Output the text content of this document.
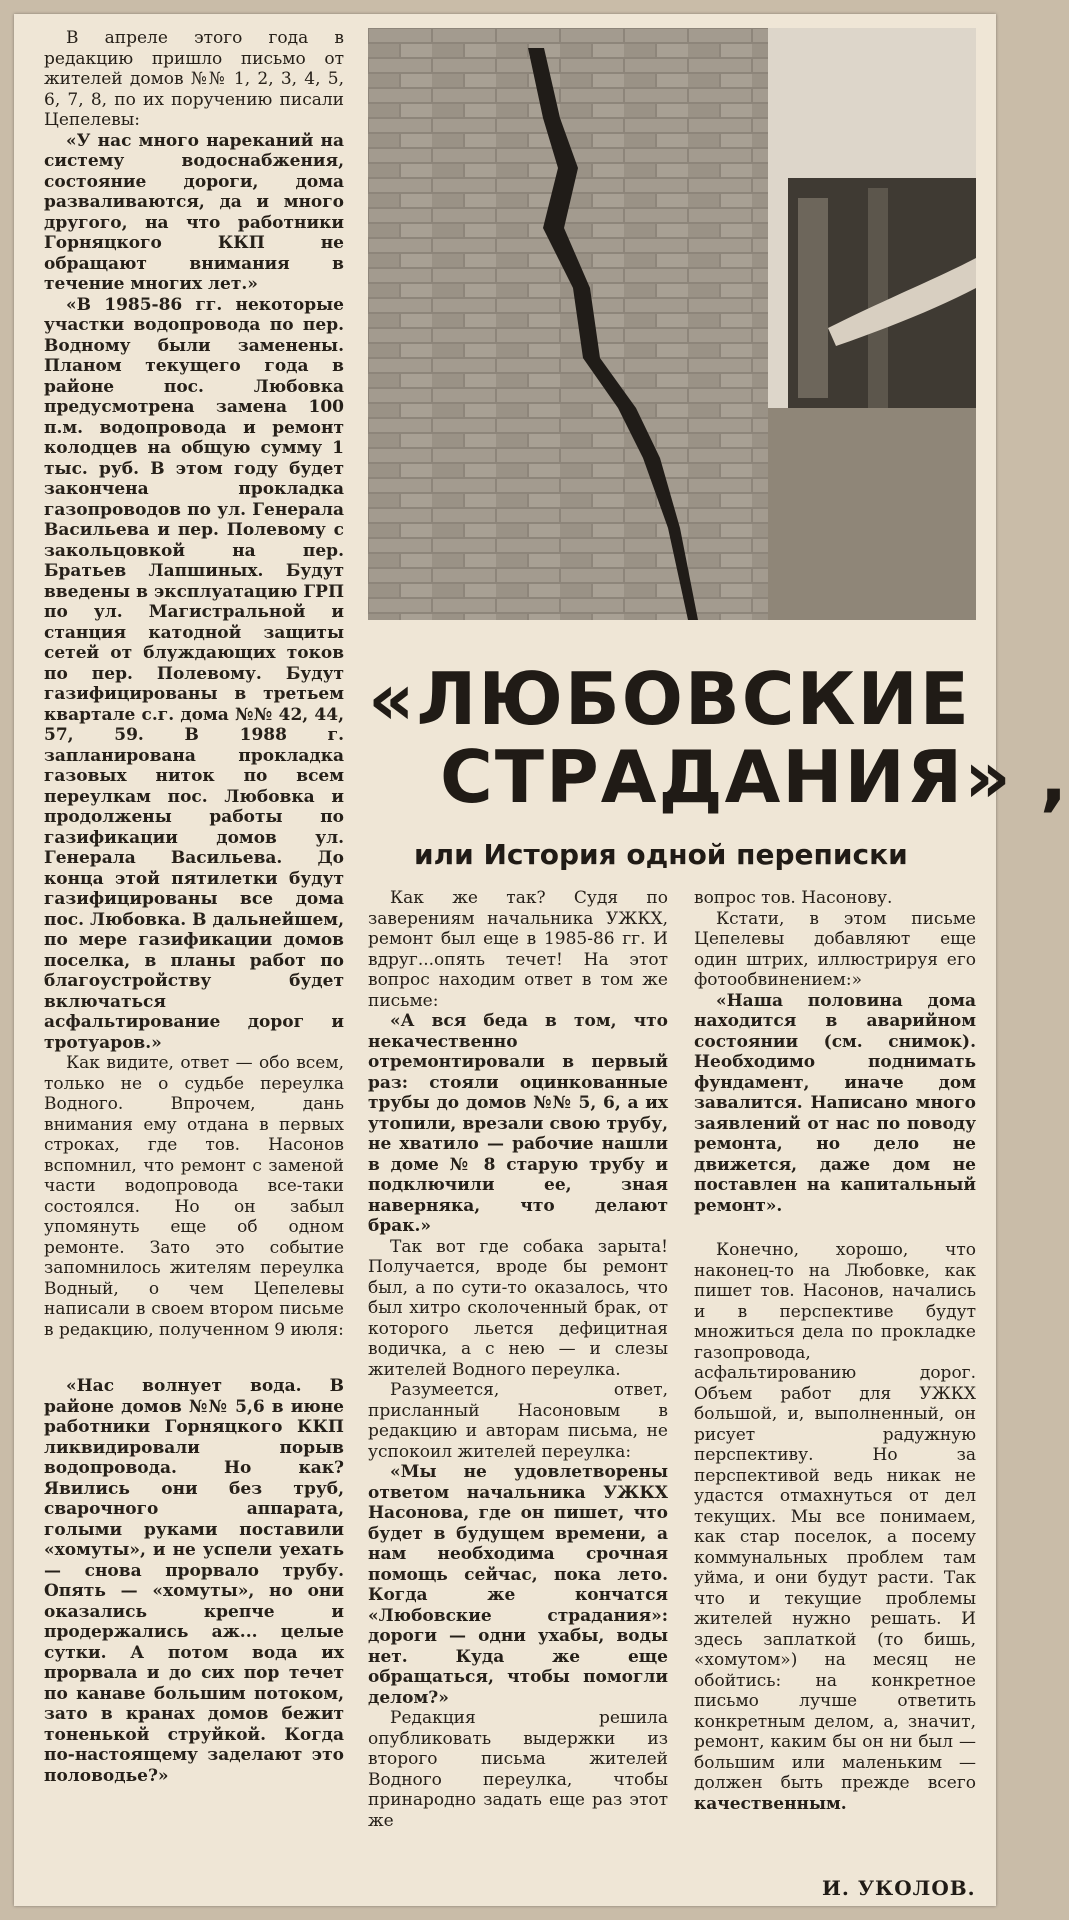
В апреле этого года в редакцию пришло письмо от жителей домов №№ 1, 2, 3, 4, 5, 6, 7, 8, по их поручению писали Цепелевы:

«У нас много нареканий на систему водоснабжения, состояние дороги, дома разваливаются, да и много другого, на что работники Горняцкого ККП не обращают внимания в течение многих лет.»

«В 1985-86 гг. некоторые участки водопровода по пер. Водному были заменены. Планом текущего года в районе пос. Любовка предусмотрена замена 100 п.м. водопровода и ремонт колодцев на общую сумму 1 тыс. руб. В этом году будет закончена прокладка газопроводов по ул. Генерала Васильева и пер. Полевому с закольцовкой на пер. Братьев Лапшиных. Будут введены в эксплуатацию ГРП по ул. Магистральной и станция катодной защиты сетей от блуждающих токов по пер. Полевому. Будут газифицированы в третьем квартале с.г. дома №№ 42, 44, 57, 59. В 1988 г. запланирована прокладка газовых ниток по всем переулкам пос. Любовка и продолжены работы по газификации домов ул. Генерала Васильева. До конца этой пятилетки будут газифицированы все дома пос. Любовка. В дальнейшем, по мере газификации домов поселка, в планы работ по благоустройству будет включаться асфальтирование дорог и тротуаров.»

Как видите, ответ — обо всем, только не о судьбе переулка Водного. Впрочем, дань внимания ему отдана в первых строках, где тов. Насонов вспомнил, что ремонт с заменой части водопровода все-таки состоялся. Но он забыл упомянуть еще об одном ремонте. Зато это событие запомнилось жителям переулка Водный, о чем Цепелевы написали в своем втором письме в редакцию, полученном 9 июля:

«Нас волнует вода. В районе домов №№ 5,6 в июне работники Горняцкого ККП ликвидировали порыв водопровода. Но как? Явились они без труб, сварочного аппарата, голыми руками поставили «хомуты», и не успели уехать — снова прорвало трубу. Опять — «хомуты», но они оказались крепче и продержались аж... целые сутки. А потом вода их прорвала и до сих пор течет по канаве большим потоком, зато в кранах домов бежит тоненькой струйкой. Когда по-настоящему заделают это половодье?»

«ЛЮБОВСКИЕ
СТРАДАНИЯ» ,
или История одной переписки

Как же так? Судя по заверениям начальника УЖКХ, ремонт был еще в 1985-86 гг. И вдруг...опять течет! На этот вопрос находим ответ в том же письме:

«А вся беда в том, что некачественно отремонтировали в первый раз: стояли оцинкованные трубы до домов №№ 5, 6, а их утопили, врезали свою трубу, не хватило — рабочие нашли в доме № 8 старую трубу и подключили ее, зная наверняка, что делают брак.»

Так вот где собака зарыта! Получается, вроде бы ремонт был, а по сути-то оказалось, что был хитро сколоченный брак, от которого льется дефицитная водичка, а с нею — и слезы жителей Водного переулка.

Разумеется, ответ, присланный Насоновым в редакцию и авторам письма, не успокоил жителей переулка:

«Мы не удовлетворены ответом начальника УЖКХ Насонова, где он пишет, что будет в будущем времени, а нам необходима срочная помощь сейчас, пока лето. Когда же кончатся «Любовские страдания»: дороги — одни ухабы, воды нет. Куда же еще обращаться, чтобы помогли делом?»

Редакция решила опубликовать выдержки из второго письма жителей Водного переулка, чтобы принародно задать еще раз этот же

вопрос тов. Насонову.

Кстати, в этом письме Цепелевы добавляют еще один штрих, иллюстрируя его фотообвинением:»

«Наша половина дома находится в аварийном состоянии (см. снимок). Необходимо поднимать фундамент, иначе дом завалится. Написано много заявлений от нас по поводу ремонта, но дело не движется, даже дом не поставлен на капитальный ремонт».

Конечно, хорошо, что наконец-то на Любовке, как пишет тов. Насонов, начались и в перспективе будут множиться дела по прокладке газопровода, асфальтированию дорог. Объем работ для УЖКХ большой, и, выполненный, он рисует радужную перспективу. Но за перспективой ведь никак не удастся отмахнуться от дел текущих. Мы все понимаем, как стар поселок, а посему коммунальных проблем там уйма, и они будут расти. Так что и текущие проблемы жителей нужно решать. И здесь заплаткой (то бишь, «хомутом») на месяц не обойтись: на конкретное письмо лучше ответить конкретным делом, а, значит, ремонт, каким бы он ни был — большим или маленьким — должен быть прежде всего качественным.

И. УКОЛОВ.
